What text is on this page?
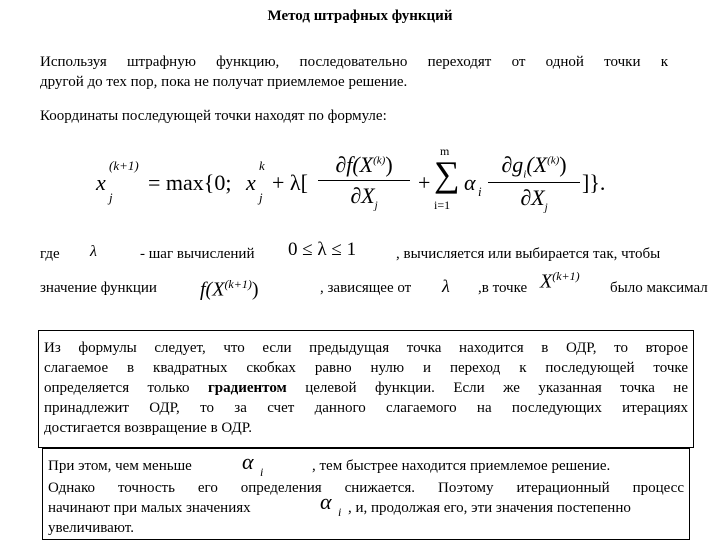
Метод штрафных функций
Используя штрафную функцию, последовательно переходят от одной точки к
другой до тех пор, пока не получат приемлемое решение.
Координаты последующей точки находят по формуле:
x
(k+1)
j
= max{0; x
k
j
+ λ[
$\partial f(X^{(k)})$
$\partial X_j$
+
m
∑
i=1
α i
$\partial g_i(X^{(k)})$
$\partial X_j$
]}.
где λ	- шаг вычислений 0 ≤ λ ≤ 1	, вычисляется или выбирается так, чтобы
значение функции $f(X^{(k+1)})$	, зависящее от λ ,в точке $X^{(k+1)}$
было максимал
Из формулы следует, что если предыдущая точка находится в ОДР, то второе
слагаемое в квадратных скобках равно нулю и переход к последующей точке
определяется только градиентом целевой функции. Если же указанная точка не
принадлежит ОДР, то за счет данного слагаемого на последующих итерациях
достигается возвращение в ОДР.
При этом, чем меньше α i	, тем быстрее находится приемлемое решение.
Однако точность его определения снижается. Поэтому итерационный процесс
начинают при малых значениях	α i , и, продолжая его, эти значения постепенно
увеличивают.
